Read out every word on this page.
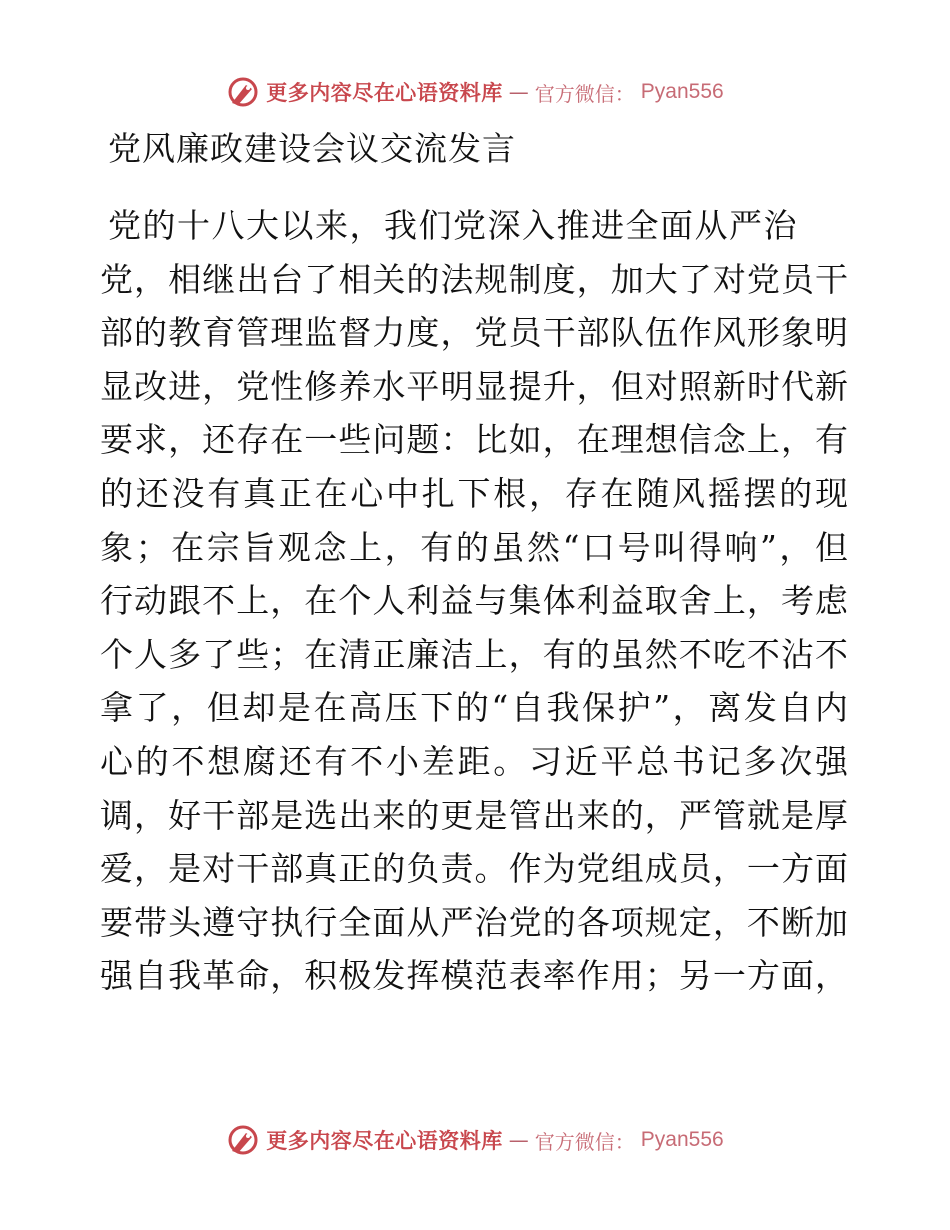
更多内容尽在心语资料库 — 官方微信： Pyan556
党风廉政建设会议交流发言
党的十八大以来，我们党深入推进全面从严治
党，相继出台了相关的法规制度，加大了对党员干
部的教育管理监督力度，党员干部队伍作风形象明
显改进，党性修养水平明显提升，但对照新时代新
要求，还存在一些问题：比如，在理想信念上，有
的还没有真正在心中扎下根，存在随风摇摆的现
象；在宗旨观念上，有的虽然“口号叫得响”，但
行动跟不上，在个人利益与集体利益取舍上，考虑
个人多了些；在清正廉洁上，有的虽然不吃不沾不
拿了，但却是在高压下的“自我保护”，离发自内
心的不想腐还有不小差距。习近平总书记多次强
调，好干部是选出来的更是管出来的，严管就是厚
爱，是对干部真正的负责。作为党组成员，一方面
要带头遵守执行全面从严治党的各项规定，不断加
强自我革命，积极发挥模范表率作用；另一方面，
更多内容尽在心语资料库 — 官方微信： Pyan556
